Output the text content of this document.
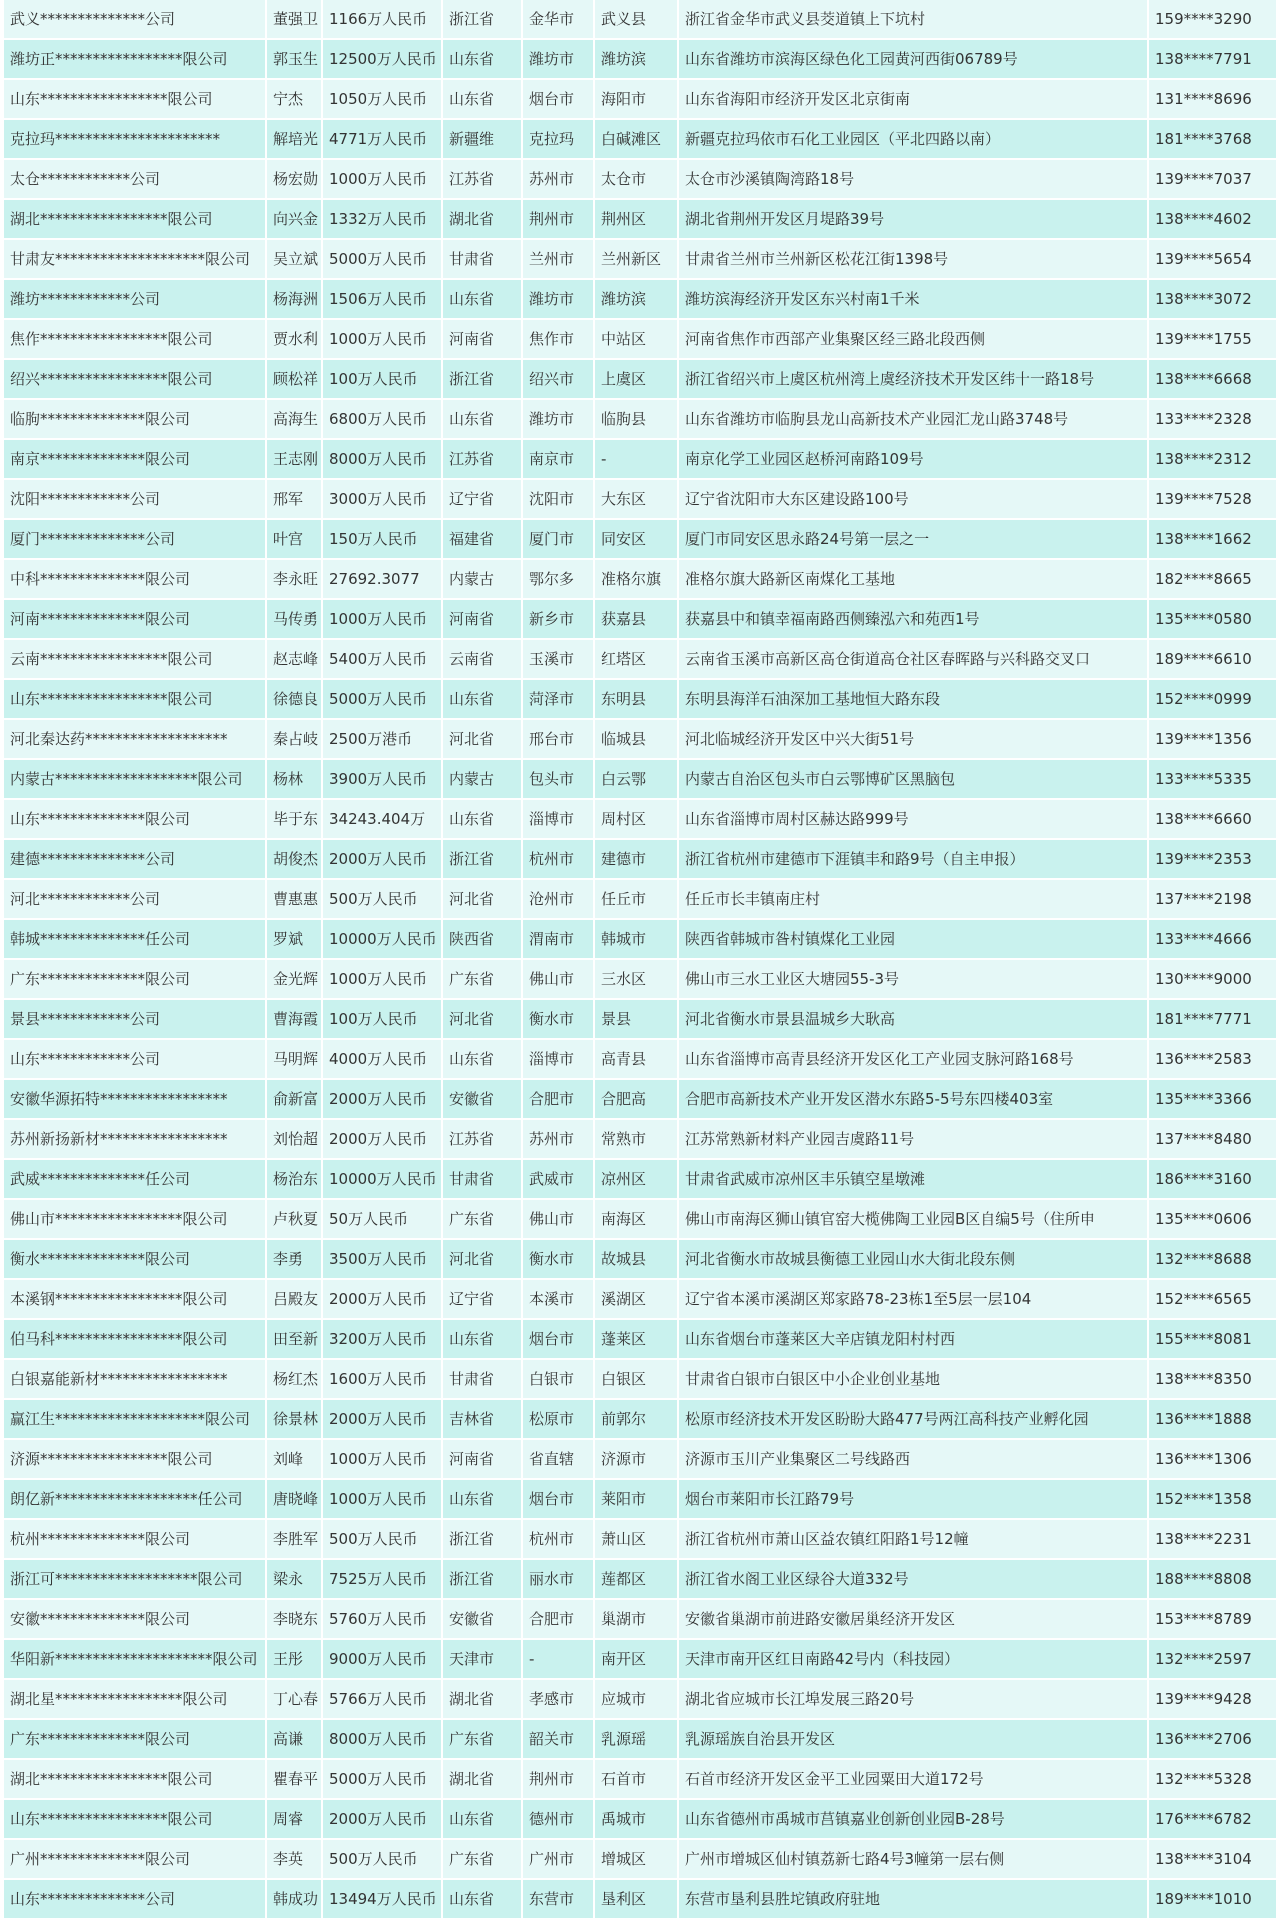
武义**************公司	董强卫	1166万人民币	浙江省	金华市	武义县	浙江省金华市武义县茭道镇上下坑村	159****3290
潍坊正*****************限公司	郭玉生	12500万人民币	山东省	潍坊市	潍坊滨	山东省潍坊市滨海区绿色化工园黄河西街06789号	138****7791
山东*****************限公司	宁杰	1050万人民币	山东省	烟台市	海阳市	山东省海阳市经济开发区北京街南	131****8696
克拉玛**********************	解培光	4771万人民币	新疆维	克拉玛	白碱滩区	新疆克拉玛依市石化工业园区（平北四路以南）	181****3768
太仓************公司	杨宏勋	1000万人民币	江苏省	苏州市	太仓市	太仓市沙溪镇陶湾路18号	139****7037
湖北*****************限公司	向兴金	1332万人民币	湖北省	荆州市	荆州区	湖北省荆州开发区月堤路39号	138****4602
甘肃友********************限公司	吴立斌	5000万人民币	甘肃省	兰州市	兰州新区	甘肃省兰州市兰州新区松花江街1398号	139****5654
潍坊************公司	杨海洲	1506万人民币	山东省	潍坊市	潍坊滨	潍坊滨海经济开发区东兴村南1千米	138****3072
焦作*****************限公司	贾水利	1000万人民币	河南省	焦作市	中站区	河南省焦作市西部产业集聚区经三路北段西侧	139****1755
绍兴*****************限公司	顾松祥	100万人民币	浙江省	绍兴市	上虞区	浙江省绍兴市上虞区杭州湾上虞经济技术开发区纬十一路18号	138****6668
临朐**************限公司	高海生	6800万人民币	山东省	潍坊市	临朐县	山东省潍坊市临朐县龙山高新技术产业园汇龙山路3748号	133****2328
南京**************限公司	王志刚	8000万人民币	江苏省	南京市	-	南京化学工业园区赵桥河南路109号	138****2312
沈阳************公司	邢军	3000万人民币	辽宁省	沈阳市	大东区	辽宁省沈阳市大东区建设路100号	139****7528
厦门**************公司	叶宫	150万人民币	福建省	厦门市	同安区	厦门市同安区思永路24号第一层之一	138****1662
中科**************限公司	李永旺	27692.3077	内蒙古	鄂尔多	准格尔旗	准格尔旗大路新区南煤化工基地	182****8665
河南**************限公司	马传勇	1000万人民币	河南省	新乡市	获嘉县	获嘉县中和镇幸福南路西侧臻泓六和苑西1号	135****0580
云南*****************限公司	赵志峰	5400万人民币	云南省	玉溪市	红塔区	云南省玉溪市高新区高仓街道高仓社区春晖路与兴科路交叉口	189****6610
山东*****************限公司	徐德良	5000万人民币	山东省	菏泽市	东明县	东明县海洋石油深加工基地恒大路东段	152****0999
河北秦达药*******************	秦占岐	2500万港币	河北省	邢台市	临城县	河北临城经济开发区中兴大街51号	139****1356
内蒙古*******************限公司	杨林	3900万人民币	内蒙古	包头市	白云鄂	内蒙古自治区包头市白云鄂博矿区黑脑包	133****5335
山东**************限公司	毕于东	34243.404万	山东省	淄博市	周村区	山东省淄博市周村区赫达路999号	138****6660
建德**************公司	胡俊杰	2000万人民币	浙江省	杭州市	建德市	浙江省杭州市建德市下涯镇丰和路9号（自主申报）	139****2353
河北************公司	曹惠惠	500万人民币	河北省	沧州市	任丘市	任丘市长丰镇南庄村	137****2198
韩城**************任公司	罗斌	10000万人民币	陕西省	渭南市	韩城市	陕西省韩城市昝村镇煤化工业园	133****4666
广东**************限公司	金光辉	1000万人民币	广东省	佛山市	三水区	佛山市三水工业区大塘园55-3号	130****9000
景县************公司	曹海霞	100万人民币	河北省	衡水市	景县	河北省衡水市景县温城乡大耿高	181****7771
山东************公司	马明辉	4000万人民币	山东省	淄博市	高青县	山东省淄博市高青县经济开发区化工产业园支脉河路168号	136****2583
安徽华源拓特*****************	俞新富	2000万人民币	安徽省	合肥市	合肥高	合肥市高新技术产业开发区潜水东路5-5号东四楼403室	135****3366
苏州新扬新材*****************	刘怡超	2000万人民币	江苏省	苏州市	常熟市	江苏常熟新材料产业园吉虞路11号	137****8480
武威**************任公司	杨治东	10000万人民币	甘肃省	武威市	凉州区	甘肃省武威市凉州区丰乐镇空星墩滩	186****3160
佛山市*****************限公司	卢秋夏	50万人民币	广东省	佛山市	南海区	佛山市南海区狮山镇官窑大榄佛陶工业园B区自编5号（住所申	135****0606
衡水**************限公司	李勇	3500万人民币	河北省	衡水市	故城县	河北省衡水市故城县衡德工业园山水大街北段东侧	132****8688
本溪钢*****************限公司	吕殿友	2000万人民币	辽宁省	本溪市	溪湖区	辽宁省本溪市溪湖区郑家路78-23栋1至5层一层104	152****6565
伯马科*****************限公司	田至新	3200万人民币	山东省	烟台市	蓬莱区	山东省烟台市蓬莱区大辛店镇龙阳村村西	155****8081
白银嘉能新材*****************	杨红杰	1600万人民币	甘肃省	白银市	白银区	甘肃省白银市白银区中小企业创业基地	138****8350
赢江生********************限公司	徐景林	2000万人民币	吉林省	松原市	前郭尔	松原市经济技术开发区盼盼大路477号两江高科技产业孵化园	136****1888
济源*****************限公司	刘峰	1000万人民币	河南省	省直辖	济源市	济源市玉川产业集聚区二号线路西	136****1306
朗亿新*******************任公司	唐晓峰	1000万人民币	山东省	烟台市	莱阳市	烟台市莱阳市长江路79号	152****1358
杭州**************限公司	李胜军	500万人民币	浙江省	杭州市	萧山区	浙江省杭州市萧山区益农镇红阳路1号12幢	138****2231
浙江可*******************限公司	梁永	7525万人民币	浙江省	丽水市	莲都区	浙江省水阁工业区绿谷大道332号	188****8808
安徽**************限公司	李晓东	5760万人民币	安徽省	合肥市	巢湖市	安徽省巢湖市前进路安徽居巢经济开发区	153****8789
华阳新*********************限公司	王彤	9000万人民币	天津市	-	南开区	天津市南开区红日南路42号内（科技园）	132****2597
湖北星*****************限公司	丁心春	5766万人民币	湖北省	孝感市	应城市	湖北省应城市长江埠发展三路20号	139****9428
广东**************限公司	高谦	8000万人民币	广东省	韶关市	乳源瑶	乳源瑶族自治县开发区	136****2706
湖北*****************限公司	瞿春平	5000万人民币	湖北省	荆州市	石首市	石首市经济开发区金平工业园粟田大道172号	132****5328
山东*****************限公司	周睿	2000万人民币	山东省	德州市	禹城市	山东省德州市禹城市莒镇嘉业创新创业园B-28号	176****6782
广州**************限公司	李英	500万人民币	广东省	广州市	增城区	广州市增城区仙村镇荔新七路4号3幢第一层右侧	138****3104
山东**************公司	韩成功	13494万人民币	山东省	东营市	垦利区	东营市垦利县胜坨镇政府驻地	189****1010
